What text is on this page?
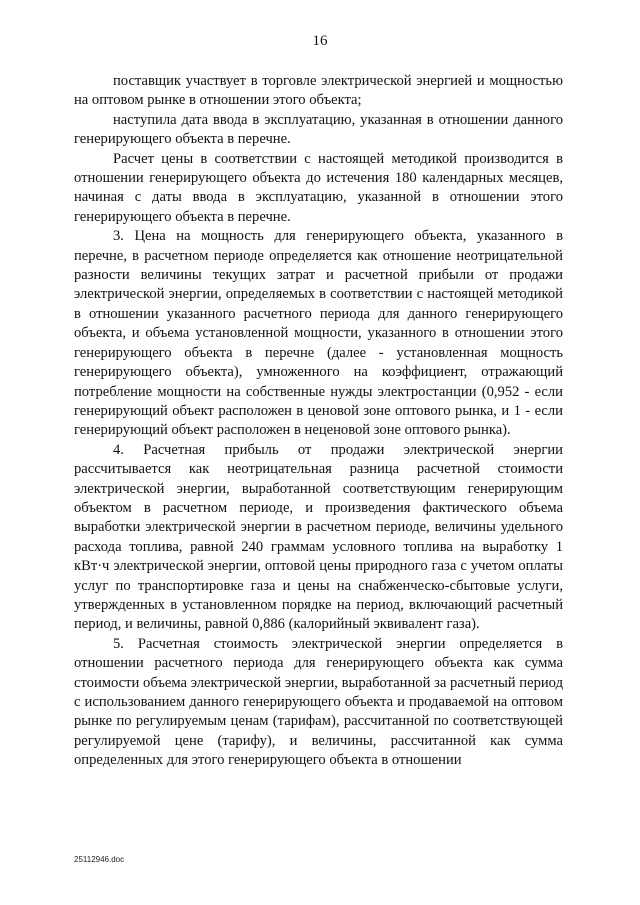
16

поставщик участвует в торговле электрической энергией и мощностью на оптовом рынке в отношении этого объекта;

наступила дата ввода в эксплуатацию, указанная в отношении данного генерирующего объекта в перечне.

Расчет цены в соответствии с настоящей методикой производится в отношении генерирующего объекта до истечения 180 календарных месяцев, начиная с даты ввода в эксплуатацию, указанной в отношении этого генерирующего объекта в перечне.

3. Цена на мощность для генерирующего объекта, указанного в перечне, в расчетном периоде определяется как отношение неотрицательной разности величины текущих затрат и расчетной прибыли от продажи электрической энергии, определяемых в соответствии с настоящей методикой в отношении указанного расчетного периода для данного генерирующего объекта, и объема установленной мощности, указанного в отношении этого генерирующего объекта в перечне (далее - установленная мощность генерирующего объекта), умноженного на коэффициент, отражающий потребление мощности на собственные нужды электростанции (0,952 - если генерирующий объект расположен в ценовой зоне оптового рынка, и 1 - если генерирующий объект расположен в неценовой зоне оптового рынка).

4. Расчетная прибыль от продажи электрической энергии рассчитывается как неотрицательная разница расчетной стоимости электрической энергии, выработанной соответствующим генерирующим объектом в расчетном периоде, и произведения фактического объема выработки электрической энергии в расчетном периоде, величины удельного расхода топлива, равной 240 граммам условного топлива на выработку 1 кВт·ч электрической энергии, оптовой цены природного газа с учетом оплаты услуг по транспортировке газа и цены на снабженческо-сбытовые услуги, утвержденных в установленном порядке на период, включающий расчетный период, и величины, равной 0,886 (калорийный эквивалент газа).

5. Расчетная стоимость электрической энергии определяется в отношении расчетного периода для генерирующего объекта как сумма стоимости объема электрической энергии, выработанной за расчетный период с использованием данного генерирующего объекта и продаваемой на оптовом рынке по регулируемым ценам (тарифам), рассчитанной по соответствующей регулируемой цене (тарифу), и величины, рассчитанной как сумма определенных для этого генерирующего объекта в отношении

25112946.doc
